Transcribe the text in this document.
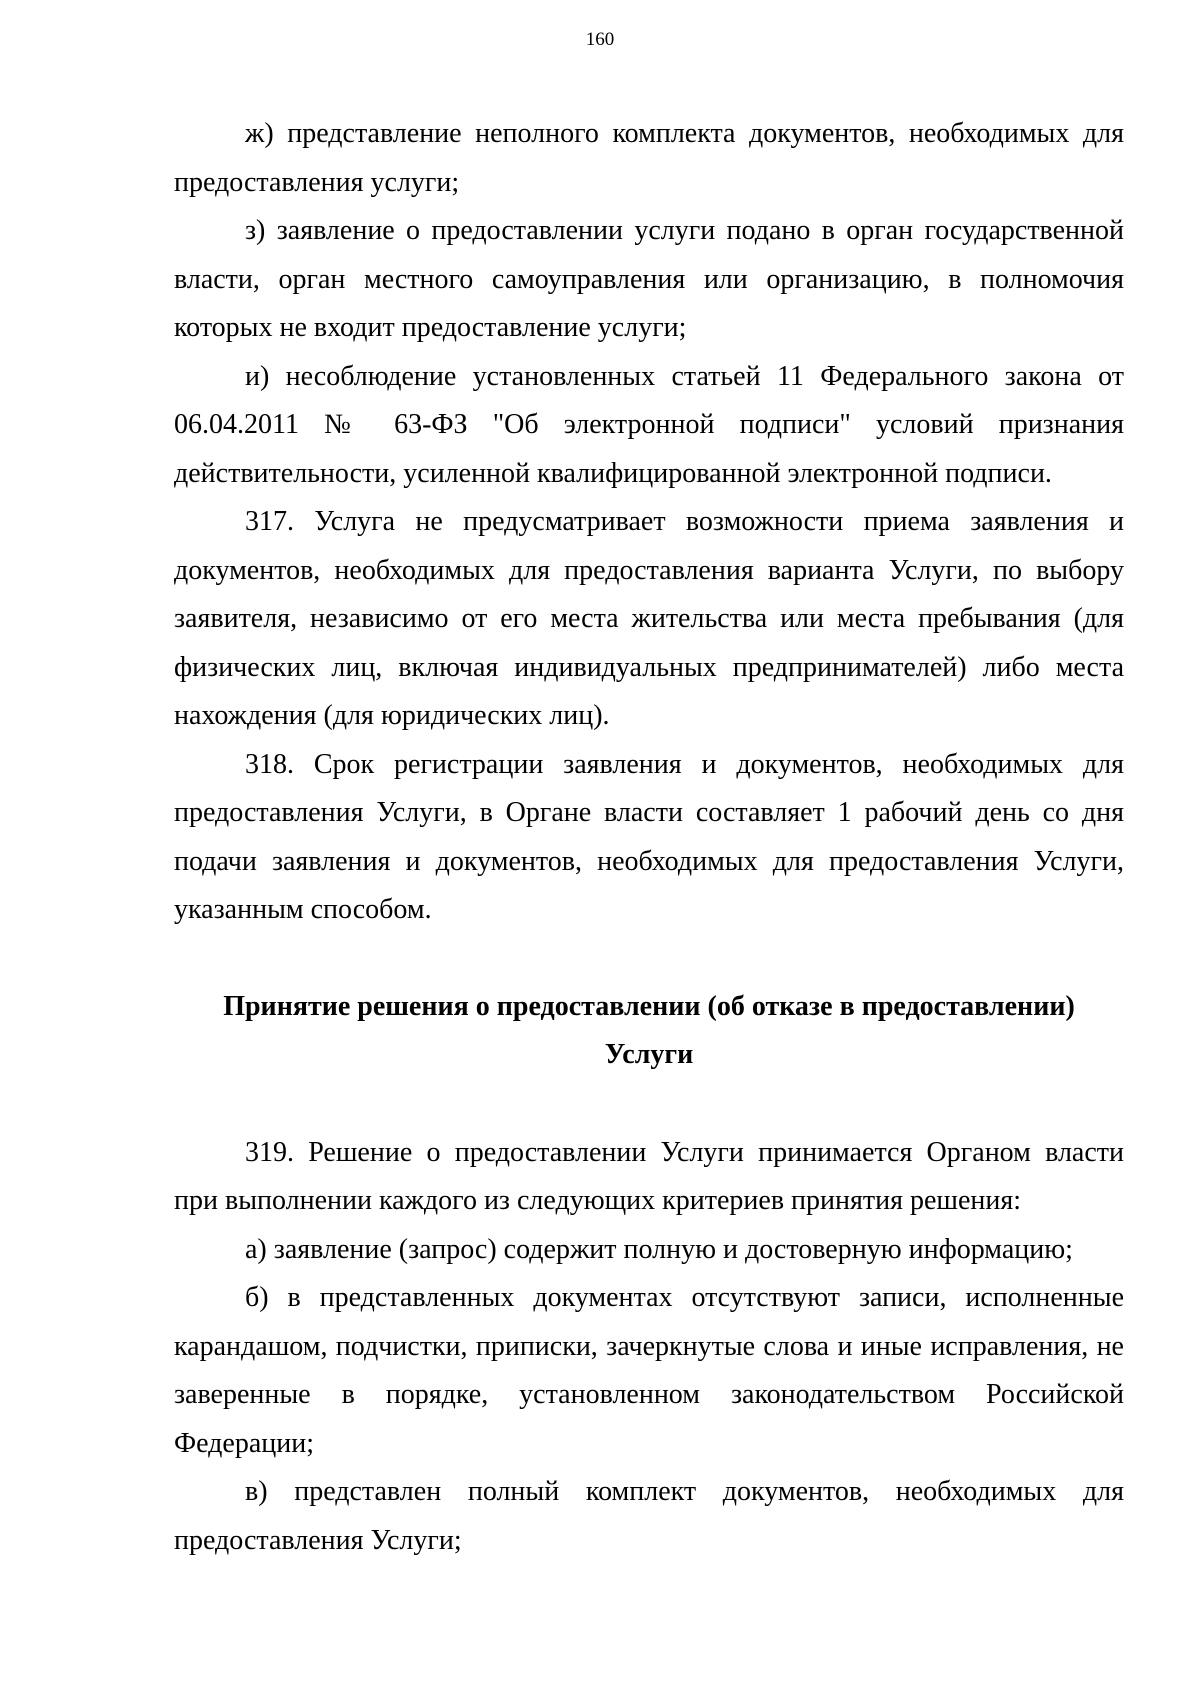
160

ж) представление неполного комплекта документов, необходимых для предоставления услуги;

з) заявление о предоставлении услуги подано в орган государственной власти, орган местного самоуправления или организацию, в полномочия которых не входит предоставление услуги;

и) несоблюдение установленных статьей 11 Федерального закона от 06.04.2011 № 63-ФЗ "Об электронной подписи" условий признания действительности, усиленной квалифицированной электронной подписи.

317. Услуга не предусматривает возможности приема заявления и документов, необходимых для предоставления варианта Услуги, по выбору заявителя, независимо от его места жительства или места пребывания (для физических лиц, включая индивидуальных предпринимателей) либо места нахождения (для юридических лиц).

318. Срок регистрации заявления и документов, необходимых для предоставления Услуги, в Органе власти составляет 1 рабочий день со дня подачи заявления и документов, необходимых для предоставления Услуги, указанным способом.

Принятие решения о предоставлении (об отказе в предоставлении)

Услуги

319. Решение о предоставлении Услуги принимается Органом власти при выполнении каждого из следующих критериев принятия решения:

а) заявление (запрос) содержит полную и достоверную информацию;

б) в представленных документах отсутствуют записи, исполненные карандашом, подчистки, приписки, зачеркнутые слова и иные исправления, не заверенные в порядке, установленном законодательством Российской Федерации;

в) представлен полный комплект документов, необходимых для предоставления Услуги;
